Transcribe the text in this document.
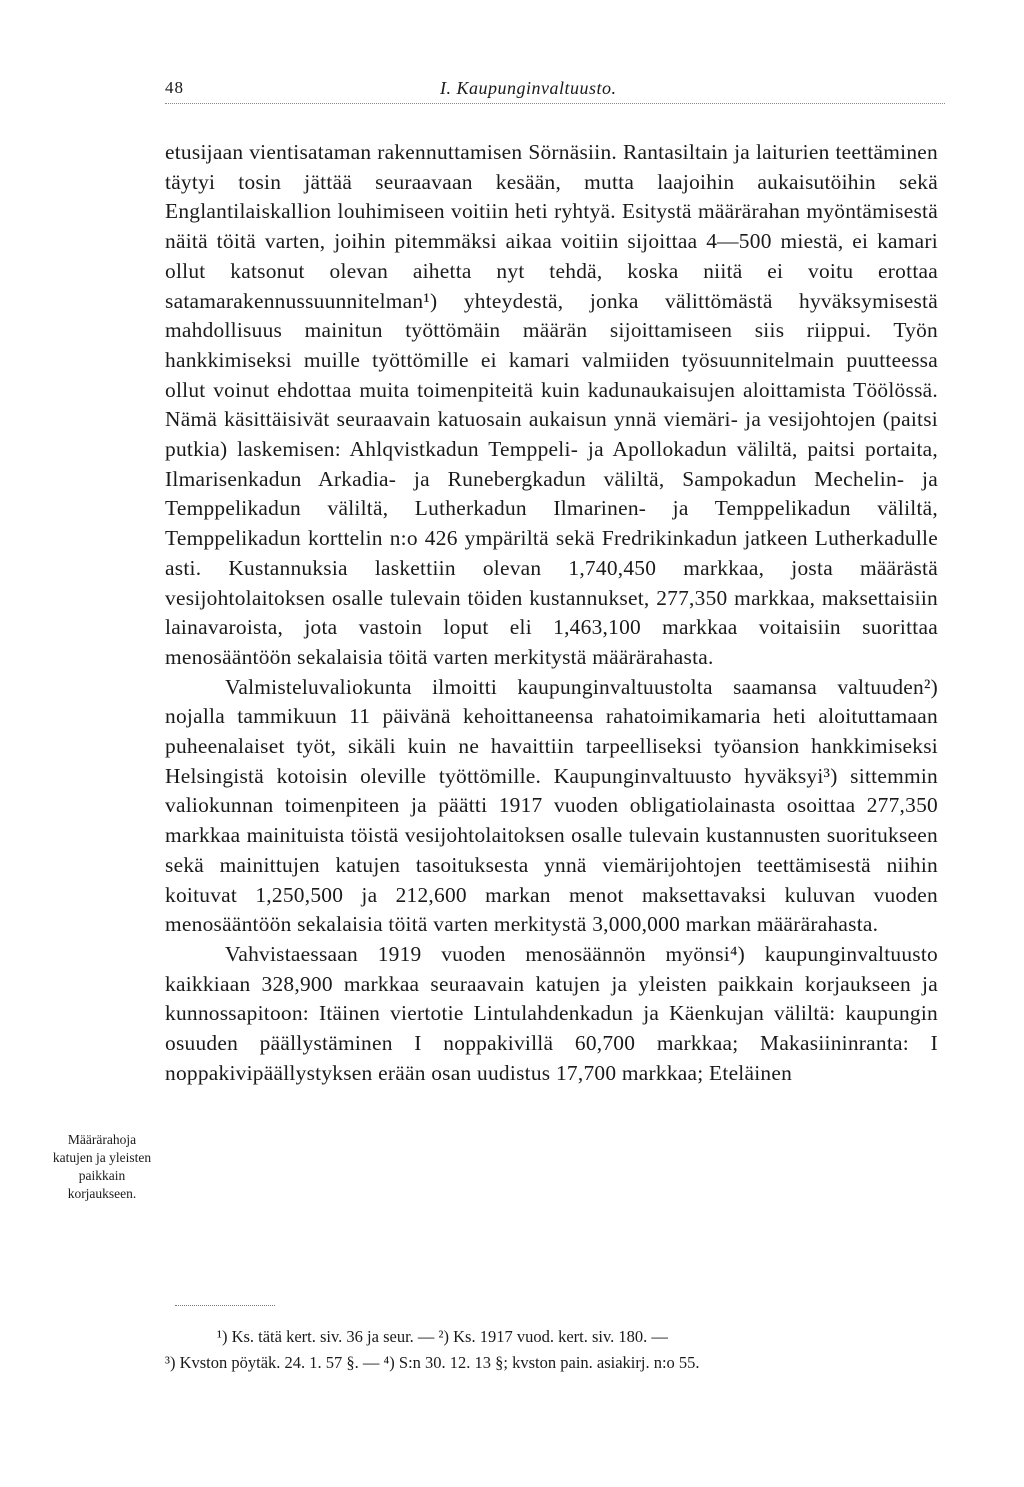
48	I. Kaupunginvaltuusto.

etusijaan vientisataman rakennuttamisen Sörnäsiin. Rantasiltain ja laiturien teettäminen täytyi tosin jättää seuraavaan kesään, mutta laajoihin aukaisutöihin sekä Englantilaiskallion louhimiseen voitiin heti ryhtyä. Esitystä määrärahan myöntämisestä näitä töitä varten, joihin pitemmäksi aikaa voitiin sijoittaa 4—500 miestä, ei kamari ollut katsonut olevan aihetta nyt tehdä, koska niitä ei voitu erottaa satamarakennussuunnitelman¹) yhteydestä, jonka välittömästä hyväksymisestä mahdollisuus mainitun työttömäin määrän sijoittamiseen siis riippui. Työn hankkimiseksi muille työttömille ei kamari valmiiden työsuunnitelmain puutteessa ollut voinut ehdottaa muita toimenpiteitä kuin kadunaukaisujen aloittamista Töölössä. Nämä käsittäisivät seuraavain katuosain aukaisun ynnä viemäri- ja vesijohtojen (paitsi putkia) laskemisen: Ahlqvistkadun Temppeli- ja Apollokadun väliltä, paitsi portaita, Ilmarisenkadun Arkadia- ja Runebergkadun väliltä, Sampokadun Mechelin- ja Temppelikadun väliltä, Lutherkadun Ilmarinen- ja Temppelikadun väliltä, Temppelikadun korttelin n:o 426 ympäriltä sekä Fredrikinkadun jatkeen Lutherkadulle asti. Kustannuksia laskettiin olevan 1,740,450 markkaa, josta määrästä vesijohtolaitoksen osalle tulevain töiden kustannukset, 277,350 markkaa, maksettaisiin lainavaroista, jota vastoin loput eli 1,463,100 markkaa voitaisiin suorittaa menosääntöön sekalaisia töitä varten merkitystä määrärahasta.

Valmisteluvaliokunta ilmoitti kaupunginvaltuustolta saamansa valtuuden²) nojalla tammikuun 11 päivänä kehoittaneensa rahatoimikamaria heti aloituttamaan puheenalaiset työt, sikäli kuin ne havaittiin tarpeelliseksi työansion hankkimiseksi Helsingistä kotoisin oleville työttömille. Kaupunginvaltuusto hyväksyi³) sittemmin valiokunnan toimenpiteen ja päätti 1917 vuoden obligatiolainasta osoittaa 277,350 markkaa mainituista töistä vesijohtolaitoksen osalle tulevain kustannusten suoritukseen sekä mainittujen katujen tasoituksesta ynnä viemärijohtojen teettämisestä niihin koituvat 1,250,500 ja 212,600 markan menot maksettavaksi kuluvan vuoden menosääntöön sekalaisia töitä varten merkitystä 3,000,000 markan määrärahasta.

Vahvistaessaan 1919 vuoden menosäännön myönsi⁴) kaupunginvaltuusto kaikkiaan 328,900 markkaa seuraavain katujen ja yleisten paikkain korjaukseen ja kunnossapitoon: Itäinen viertotie Lintulahdenkadun ja Käenkujan väliltä: kaupungin osuuden päällystäminen I noppakivillä 60,700 markkaa; Makasiininranta: I noppakivipäällystyksen erään osan uudistus 17,700 markkaa; Eteläinen

Määrärahoja katujen ja yleisten paikkain korjaukseen.

¹) Ks. tätä kert. siv. 36 ja seur. — ²) Ks. 1917 vuod. kert. siv. 180. —

³) Kvston pöytäk. 24. 1. 57 §. — ⁴) S:n 30. 12. 13 §; kvston pain. asiakirj. n:o 55.
